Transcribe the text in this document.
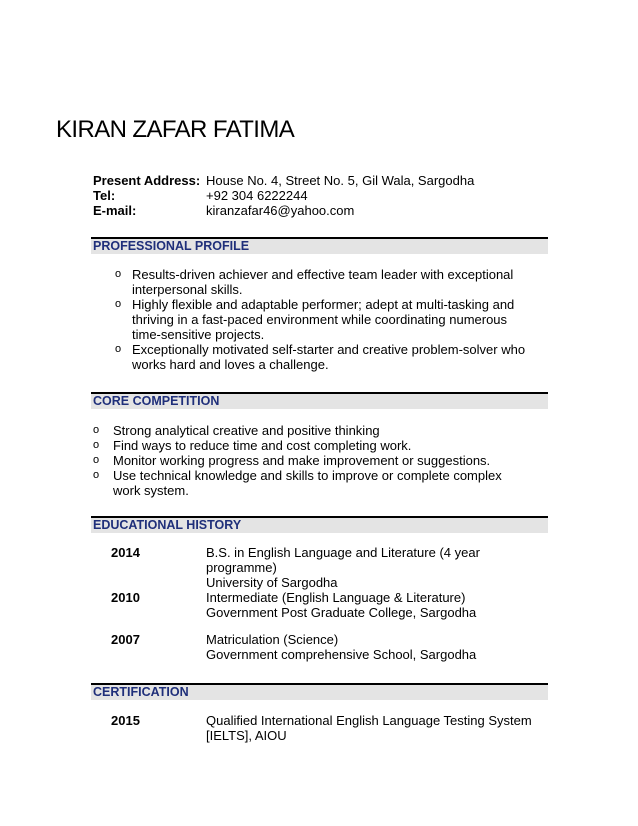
KIRAN ZAFAR FATIMA
Present Address: House No. 4, Street No. 5, Gil Wala, Sargodha
Tel:	+92 304 6222244
E-mail:	kiranzafar46@yahoo.com
PROFESSIONAL PROFILE
o Results-driven achiever and effective team leader with exceptional interpersonal skills.
o Highly flexible and adaptable performer; adept at multi-tasking and thriving in a fast-paced environment while coordinating numerous time-sensitive projects.
o Exceptionally motivated self-starter and creative problem-solver who works hard and loves a challenge.
CORE COMPETITION
o Strong analytical creative and positive thinking
o Find ways to reduce time and cost completing work.
o Monitor working progress and make improvement or suggestions.
o Use technical knowledge and skills to improve or complete complex work system.
EDUCATIONAL HISTORY
2014	B.S. in English Language and Literature (4 year programme)
University of Sargodha
2010	Intermediate (English Language & Literature)
Government Post Graduate College, Sargodha
2007	Matriculation (Science)
Government comprehensive School, Sargodha
CERTIFICATION
2015	Qualified International English Language Testing System [IELTS], AIOU
